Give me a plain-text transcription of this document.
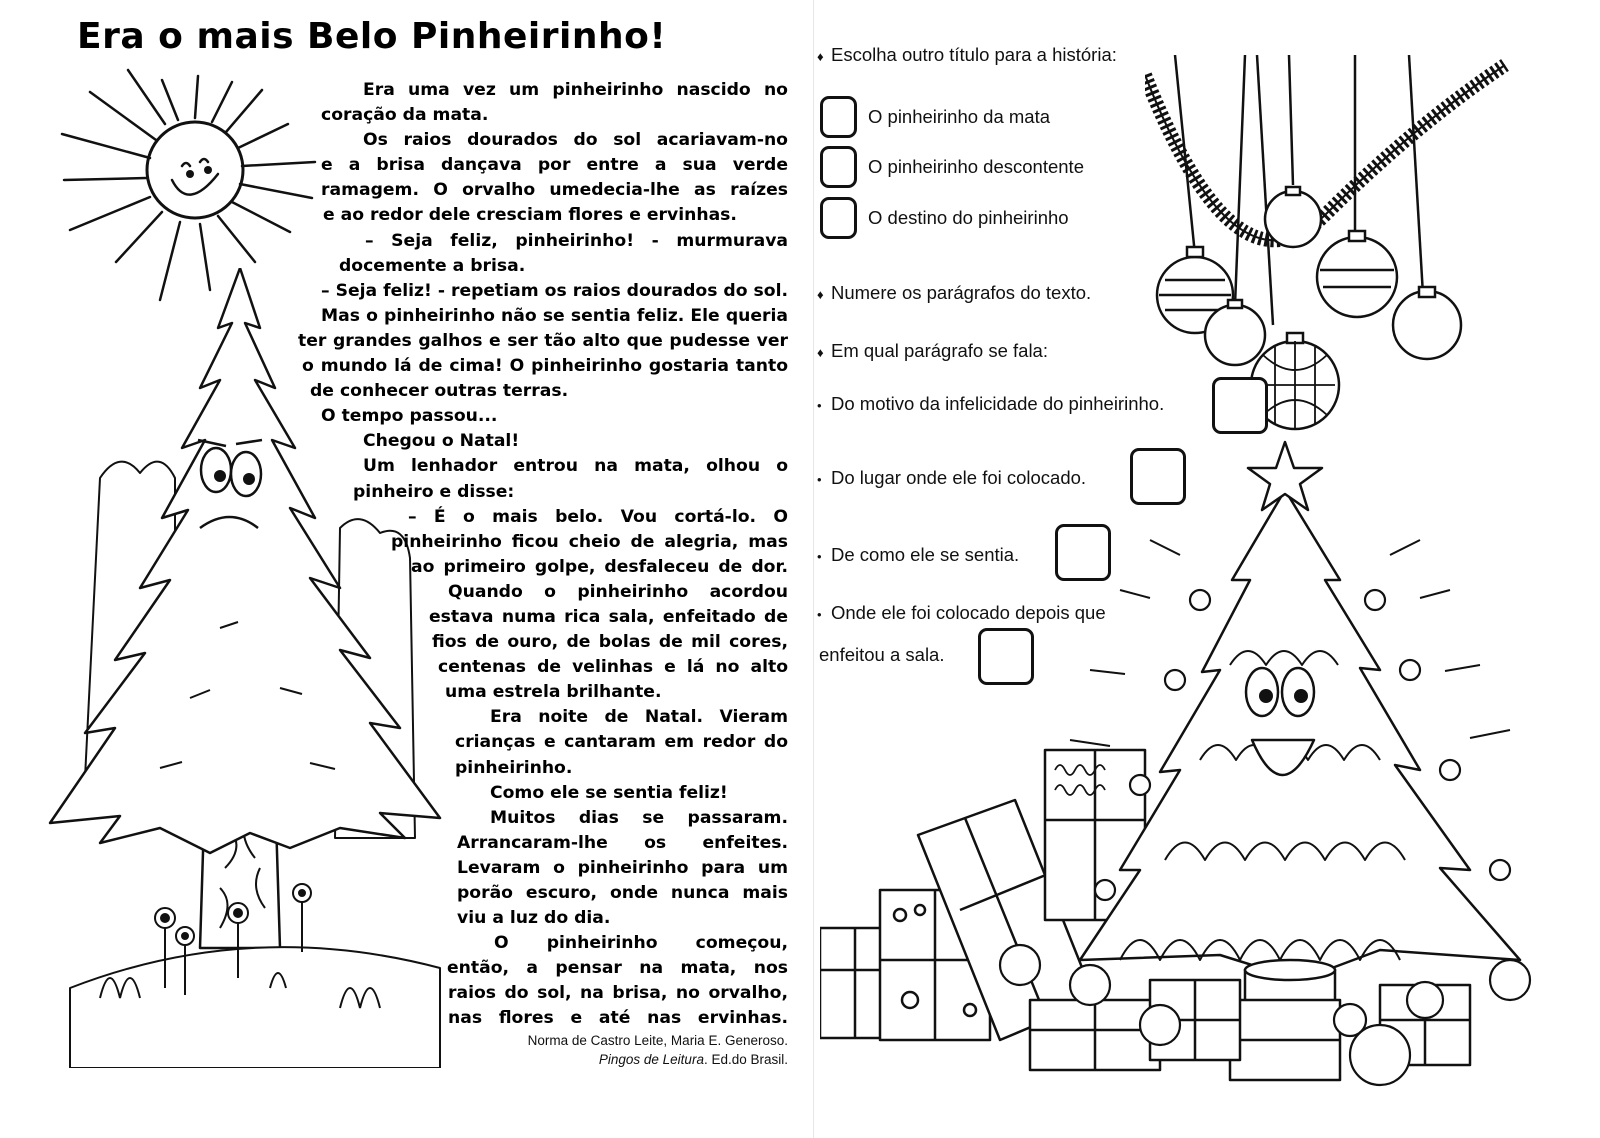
Era o mais Belo Pinheirinho!
Era uma vez um pinheirinho nascido no
coração da mata.
Os raios dourados do sol acariavam-no
e a brisa dançava por entre a sua verde
ramagem. O orvalho umedecia-lhe as raízes
e ao redor dele cresciam flores e ervinhas.
– Seja feliz, pinheirinho! - murmurava
docemente a brisa.
– Seja feliz! - repetiam os raios dourados do sol.
Mas o pinheirinho não se sentia feliz. Ele queria
ter grandes galhos e ser tão alto que pudesse ver
o mundo lá de cima! O pinheirinho gostaria tanto
de conhecer outras terras.
O tempo passou...
Chegou o Natal!
Um lenhador entrou na mata, olhou o
pinheiro e disse:
– É o mais belo. Vou cortá-lo. O
pinheirinho ficou cheio de alegria, mas
ao primeiro golpe, desfaleceu de dor.
Quando o pinheirinho acordou
estava numa rica sala, enfeitado de
fios de ouro, de bolas de mil cores,
centenas de velinhas e lá no alto
uma estrela brilhante.
Era noite de Natal. Vieram
crianças e cantaram em redor do
pinheirinho.
Como ele se sentia feliz!
Muitos dias se passaram.
Arrancaram-lhe os enfeites.
Levaram o pinheirinho para um
porão escuro, onde nunca mais
viu a luz do dia.
O pinheirinho começou,
então, a pensar na mata, nos
raios do sol, na brisa, no orvalho,
nas flores e até nas ervinhas.
Norma de Castro Leite, Maria E. Generoso.
Pingos de Leitura. Ed.do Brasil.
♦ Escolha outro título para a história:
O pinheirinho da mata
O pinheirinho descontente
O destino do pinheirinho
♦ Numere os parágrafos do texto.
♦ Em qual parágrafo se fala:
• Do motivo da infelicidade do pinheirinho.
• Do lugar onde ele foi colocado.
• De como ele se sentia.
• Onde ele foi colocado depois que
enfeitou a sala.
